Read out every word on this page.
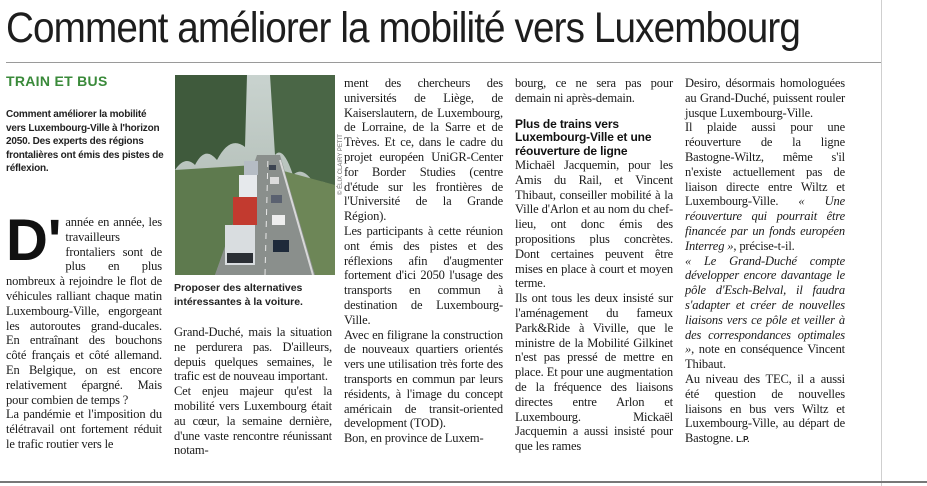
Comment améliorer la mobilité vers Luxembourg
TRAIN ET BUS
Comment améliorer la mobilité vers Luxembourg-Ville à l'horizon 2050. Des experts des régions frontalières ont émis des pistes de réflexion.	© ÉLIX CLAIRY PETIT
Proposer des alternatives intéressantes à la voiture.
D' année en année, les travailleurs frontaliers sont de plus en plus nombreux à rejoindre le flot de véhicules ralliant chaque matin Luxembourg-Ville, engorgeant les autoroutes grand-ducales. En entraînant des bouchons côté français et côté allemand. En Belgique, on est encore relativement épargné. Mais pour combien de temps ?

La pandémie et l'imposition du télétravail ont fortement réduit le trafic routier vers le

Grand-Duché, mais la situation ne perdurera pas. D'ailleurs, depuis quelques semaines, le trafic est de nouveau important.

Cet enjeu majeur qu'est la mobilité vers Luxembourg était au cœur, la semaine dernière, d'une vaste rencontre réunissant notam-

ment des chercheurs des universités de Liège, de Kaiserslautern, de Luxembourg, de Lorraine, de la Sarre et de Trèves. Et ce, dans le cadre du projet européen UniGR-Center for Border Studies (centre d'étude sur les frontières de l'Université de la Grande Région).

Les participants à cette réunion ont émis des pistes et des réflexions afin d'augmenter fortement d'ici 2050 l'usage des transports en commun à destination de Luxembourg-Ville.

Avec en filigrane la construction de nouveaux quartiers orientés vers une utilisation très forte des transports en commun par leurs résidents, à l'image du concept américain de transit-oriented development (TOD).

Bon, en province de Luxem-

bourg, ce ne sera pas pour demain ni après-demain.

Plus de trains vers Luxembourg-Ville et une réouverture de ligne

Michaël Jacquemin, pour les Amis du Rail, et Vincent Thibaut, conseiller mobilité à la Ville d'Arlon et au nom du chef-lieu, ont donc émis des propositions plus concrètes. Dont certaines peuvent être mises en place à court et moyen terme.

Ils ont tous les deux insisté sur l'aménagement du fameux Park&Ride à Viville, que le ministre de la Mobilité Gilkinet n'est pas pressé de mettre en place. Et pour une augmentation de la fréquence des liaisons directes entre Arlon et Luxembourg. Mickaël Jacquemin a aussi insisté pour que les rames

Desiro, désormais homologuées au Grand-Duché, puissent rouler jusque Luxembourg-Ville.

Il plaide aussi pour une réouverture de la ligne Bastogne-Wiltz, même s'il n'existe actuellement pas de liaison directe entre Wiltz et Luxembourg-Ville. « Une réouverture qui pourrait être financée par un fonds européen Interreg », précise-t-il.

« Le Grand-Duché compte développer encore davantage le pôle d'Esch-Belval, il faudra s'adapter et créer de nouvelles liaisons vers ce pôle et veiller à des correspondances optimales », note en conséquence Vincent Thibaut.

Au niveau des TEC, il a aussi été question de nouvelles liaisons en bus vers Wiltz et Luxembourg-Ville, au départ de Bastogne. L.P.
